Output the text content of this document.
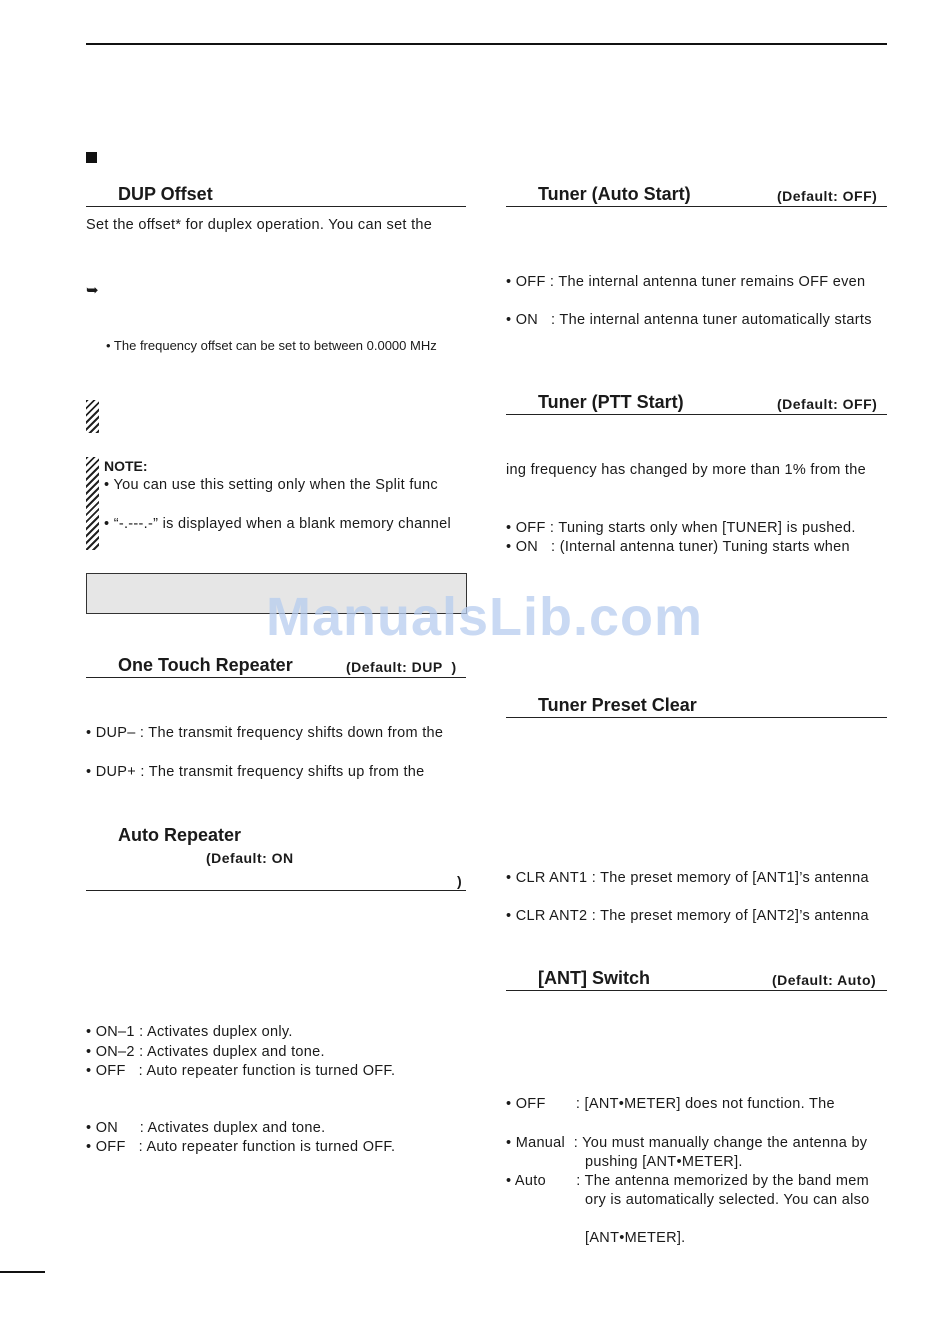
DUP Offset
Set the offset* for duplex operation. You can set the
➥
• The frequency offset can be set to between 0.0000 MHz
NOTE:
• You can use this setting only when the Split func
• “-.---.-” is displayed when a blank memory channel
One Touch Repeater	(Default: DUP  )
• DUP– : The transmit frequency shifts down from the
• DUP+ : The transmit frequency shifts up from the
Auto Repeater
(Default: ON
)
• ON–1 : Activates duplex only.
• ON–2 : Activates duplex and tone.
• OFF   : Auto repeater function is turned OFF.
• ON     : Activates duplex and tone.
• OFF   : Auto repeater function is turned OFF.
Tuner (Auto Start)	(Default: OFF)
• OFF : The internal antenna tuner remains OFF even
• ON   : The internal antenna tuner automatically starts
Tuner (PTT Start)	(Default: OFF)
ing frequency has changed by more than 1% from the
• OFF : Tuning starts only when [TUNER] is pushed.
• ON   : (Internal antenna tuner) Tuning starts when
Tuner Preset Clear
• CLR ANT1 : The preset memory of [ANT1]’s antenna
• CLR ANT2 : The preset memory of [ANT2]’s antenna
[ANT] Switch	(Default: Auto)
• OFF       : [ANT•METER] does not function. The
• Manual  : You must manually change the antenna by
pushing [ANT•METER].
• Auto       : The antenna memorized by the band mem
ory is automatically selected. You can also
[ANT•METER].
ManualsLib.com
